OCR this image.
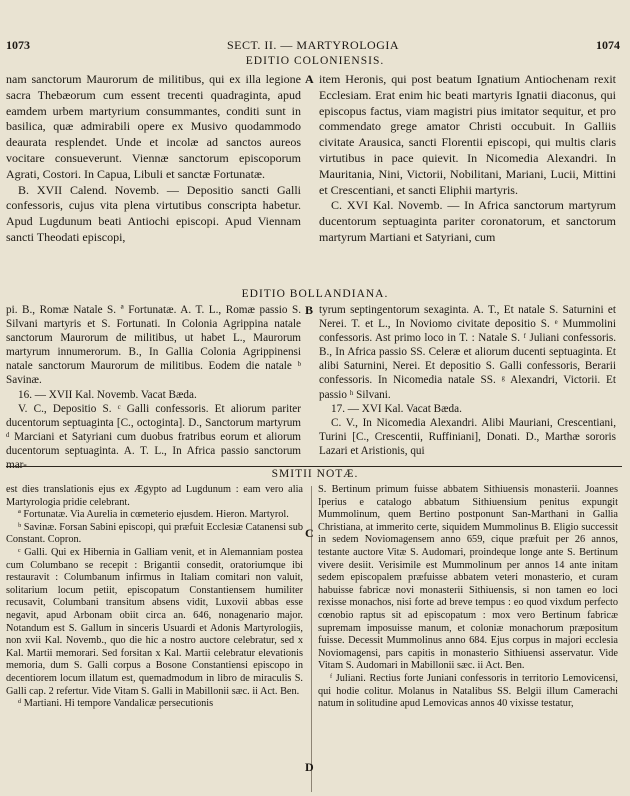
1073	SECT. II. — MARTYROLOGIA	1074
EDITIO COLONIENSIS.

nam sanctorum Maurorum de militibus, qui ex illa legione sacra Thebæorum cum essent trecenti quadraginta, apud eamdem urbem martyrium consummantes, conditi sunt in basilica, quæ admirabili opere ex Musivo quodammodo deaurata resplendet. Unde et incolæ ad sanctos aureos vocitare consueverunt. Viennæ sanctorum episcoporum Agrati, Costori. In Capua, Libuli et sanctæ Fortunatæ.

B. XVII Calend. Novemb. — Depositio sancti Galli confessoris, cujus vita plena virtutibus conscripta habetur. Apud Lugdunum beati Antiochi episcopi. Apud Viennam sancti Theodati episcopi,

item Heronis, qui post beatum Ignatium Antiochenam rexit Ecclesiam. Erat enim hic beati martyris Ignatii diaconus, qui episcopus factus, viam magistri pius imitator sequitur, et pro commendato grege amator Christi occubuit. In Galliis civitate Arausica, sancti Florentii episcopi, qui multis claris virtutibus in pace quievit. In Nicomedia Alexandri. In Mauritania, Nini, Victorii, Nobilitani, Mariani, Lucii, Mittini et Crescentiani, et sancti Eliphii martyris.

C. XVI Kal. Novemb. — In Africa sanctorum martyrum ducentorum septuaginta pariter coronatorum, et sanctorum martyrum Martiani et Satyriani, cum

A
EDITIO BOLLANDIANA.

pi. B., Romæ Natale S. ª Fortunatæ. A. T. L., Romæ passio S. Silvani martyris et S. Fortunati. In Colonia Agrippina natale sanctorum Maurorum de militibus, ut habet L., Maurorum martyrum innumerorum. B., In Gallia Colonia Agrippinensi natale sanctorum Maurorum de militibus. Eodem die natale ᵇ Savinæ.

16. — XVII Kal. Novemb. Vacat Bæda.

V. C., Depositio S. ᶜ Galli confessoris. Et aliorum pariter ducentorum septuaginta [C., octoginta]. D., Sanctorum martyrum ᵈ Marciani et Satyriani cum duobus fratribus eorum et aliorum ducentorum septuaginta. A. T. L., In Africa passio sanctorum mar-

tyrum septingentorum sexaginta. A. T., Et natale S. Saturnini et Nerei. T. et L., In Noviomo civitate depositio S. ᵉ Mummolini confessoris. Ast primo loco in T. : Natale S. ᶠ Juliani confessoris. B., In Africa passio SS. Celeræ et aliorum ducenti septuaginta. Et alibi Saturnini, Nerei. Et depositio S. Galli confessoris, Berarii confessoris. In Nicomedia natale SS. ᵍ Alexandri, Victorii. Et passio ʰ Silvani.

17. — XVI Kal. Vacat Bæda.

C. V., In Nicomedia Alexandri. Alibi Mauriani, Crescentiani, Turini [C., Crescentii, Ruffiniani], Donati. D., Marthæ sororis Lazari et Aristionis, qui

B
SMITII NOTÆ.

est dies translationis ejus ex Ægypto ad Lugdunum : eam vero alia Martyrologia pridie celebrant.

ª Fortunatæ. Via Aurelia in cœmeterio ejusdem. Hieron. Martyrol.

ᵇ Savinæ. Forsan Sabini episcopi, qui præfuit Ecclesiæ Catanensi sub Constant. Copron.

ᶜ Galli. Qui ex Hibernia in Galliam venit, et in Alemanniam postea cum Columbano se recepit : Brigantii consedit, oratoriumque ibi restauravit : Columbanum infirmus in Italiam comitari non valuit, solitarium locum petiit, episcopatum Constantiensem humiliter recusavit, Columbani transitum absens vidit, Luxovii abbas esse negavit, apud Arbonam obiit circa an. 646, nonagenario major. Notandum est S. Gallum in sinceris Usuardi et Adonis Martyrologiis, non xvii Kal. Novemb., quo die hic a nostro auctore celebratur, sed x Kal. Martii memorari. Sed forsitan x Kal. Martii celebratur elevationis memoria, dum S. Galli corpus a Bosone Constantiensi episcopo in decentiorem locum illatum est, quemadmodum in libro de miraculis S. Galli cap. 2 refertur. Vide Vitam S. Galli in Mabillonii sæc. ii Act. Ben.

ᵈ Martiani. Hi tempore Vandalicæ persecutionis

S. Bertinum primum fuisse abbatem Sithiuensis monasterii. Joannes Iperius e catalogo abbatum Sithiuensium penitus expungit Mummolinum, quem Bertino postponunt San-Marthani in Gallia Christiana, at immerito certe, siquidem Mummolinus B. Eligio successit in sedem Noviomagensem anno 659, cique præfuit per 26 annos, testante auctore Vitæ S. Audomari, proindeque longe ante S. Bertinum vivere desiit. Verisimile est Mummolinum per annos 14 ante initam sedem episcopalem præfuisse abbatem veteri monasterio, et curam habuisse fabricæ novi monasterii Sithiuensis, si non tamen eo loci rexisse monachos, nisi forte ad breve tempus : eo quod vixdum perfecto cœnobio raptus sit ad episcopatum : mox vero Bertinum fabricæ supremam imposuisse manum, et coloniæ monachorum præpositum fuisse. Decessit Mummolinus anno 684. Ejus corpus in majori ecclesia Noviomagensi, pars capitis in monasterio Sithiuensi asservatur. Vide Vitam S. Audomari in Mabillonii sæc. ii Act. Ben.

ᶠ Juliani. Rectius forte Juniani confessoris in territorio Lemovicensi, qui hodie colitur. Molanus in Natalibus SS. Belgii illum Camerachi natum in solitudine apud Lemovicas annos 40 vixisse testatur,

C
D
